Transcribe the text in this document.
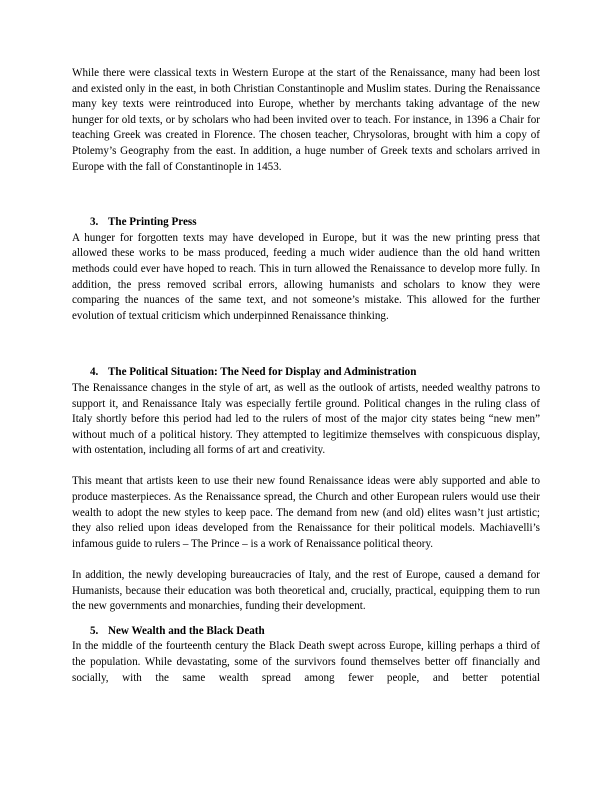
While there were classical texts in Western Europe at the start of the Renaissance, many had been lost and existed only in the east, in both Christian Constantinople and Muslim states. During the Renaissance many key texts were reintroduced into Europe, whether by merchants taking advantage of the new hunger for old texts, or by scholars who had been invited over to teach. For instance, in 1396 a Chair for teaching Greek was created in Florence. The chosen teacher, Chrysoloras, brought with him a copy of Ptolemy’s Geography from the east. In addition, a huge number of Greek texts and scholars arrived in Europe with the fall of Constantinople in 1453.

3. The Printing Press

A hunger for forgotten texts may have developed in Europe, but it was the new printing press that allowed these works to be mass produced, feeding a much wider audience than the old hand written methods could ever have hoped to reach. This in turn allowed the Renaissance to develop more fully. In addition, the press removed scribal errors, allowing humanists and scholars to know they were comparing the nuances of the same text, and not someone’s mistake. This allowed for the further evolution of textual criticism which underpinned Renaissance thinking.

4. The Political Situation: The Need for Display and Administration

The Renaissance changes in the style of art, as well as the outlook of artists, needed wealthy patrons to support it, and Renaissance Italy was especially fertile ground. Political changes in the ruling class of Italy shortly before this period had led to the rulers of most of the major city states being “new men” without much of a political history. They attempted to legitimize themselves with conspicuous display, with ostentation, including all forms of art and creativity.

This meant that artists keen to use their new found Renaissance ideas were ably supported and able to produce masterpieces. As the Renaissance spread, the Church and other European rulers would use their wealth to adopt the new styles to keep pace. The demand from new (and old) elites wasn’t just artistic; they also relied upon ideas developed from the Renaissance for their political models. Machiavelli’s infamous guide to rulers – The Prince – is a work of Renaissance political theory.

In addition, the newly developing bureaucracies of Italy, and the rest of Europe, caused a demand for Humanists, because their education was both theoretical and, crucially, practical, equipping them to run the new governments and monarchies, funding their development.

5. New Wealth and the Black Death

In the middle of the fourteenth century the Black Death swept across Europe, killing perhaps a third of the population. While devastating, some of the survivors found themselves better off financially and socially, with the same wealth spread among fewer people, and better potential
